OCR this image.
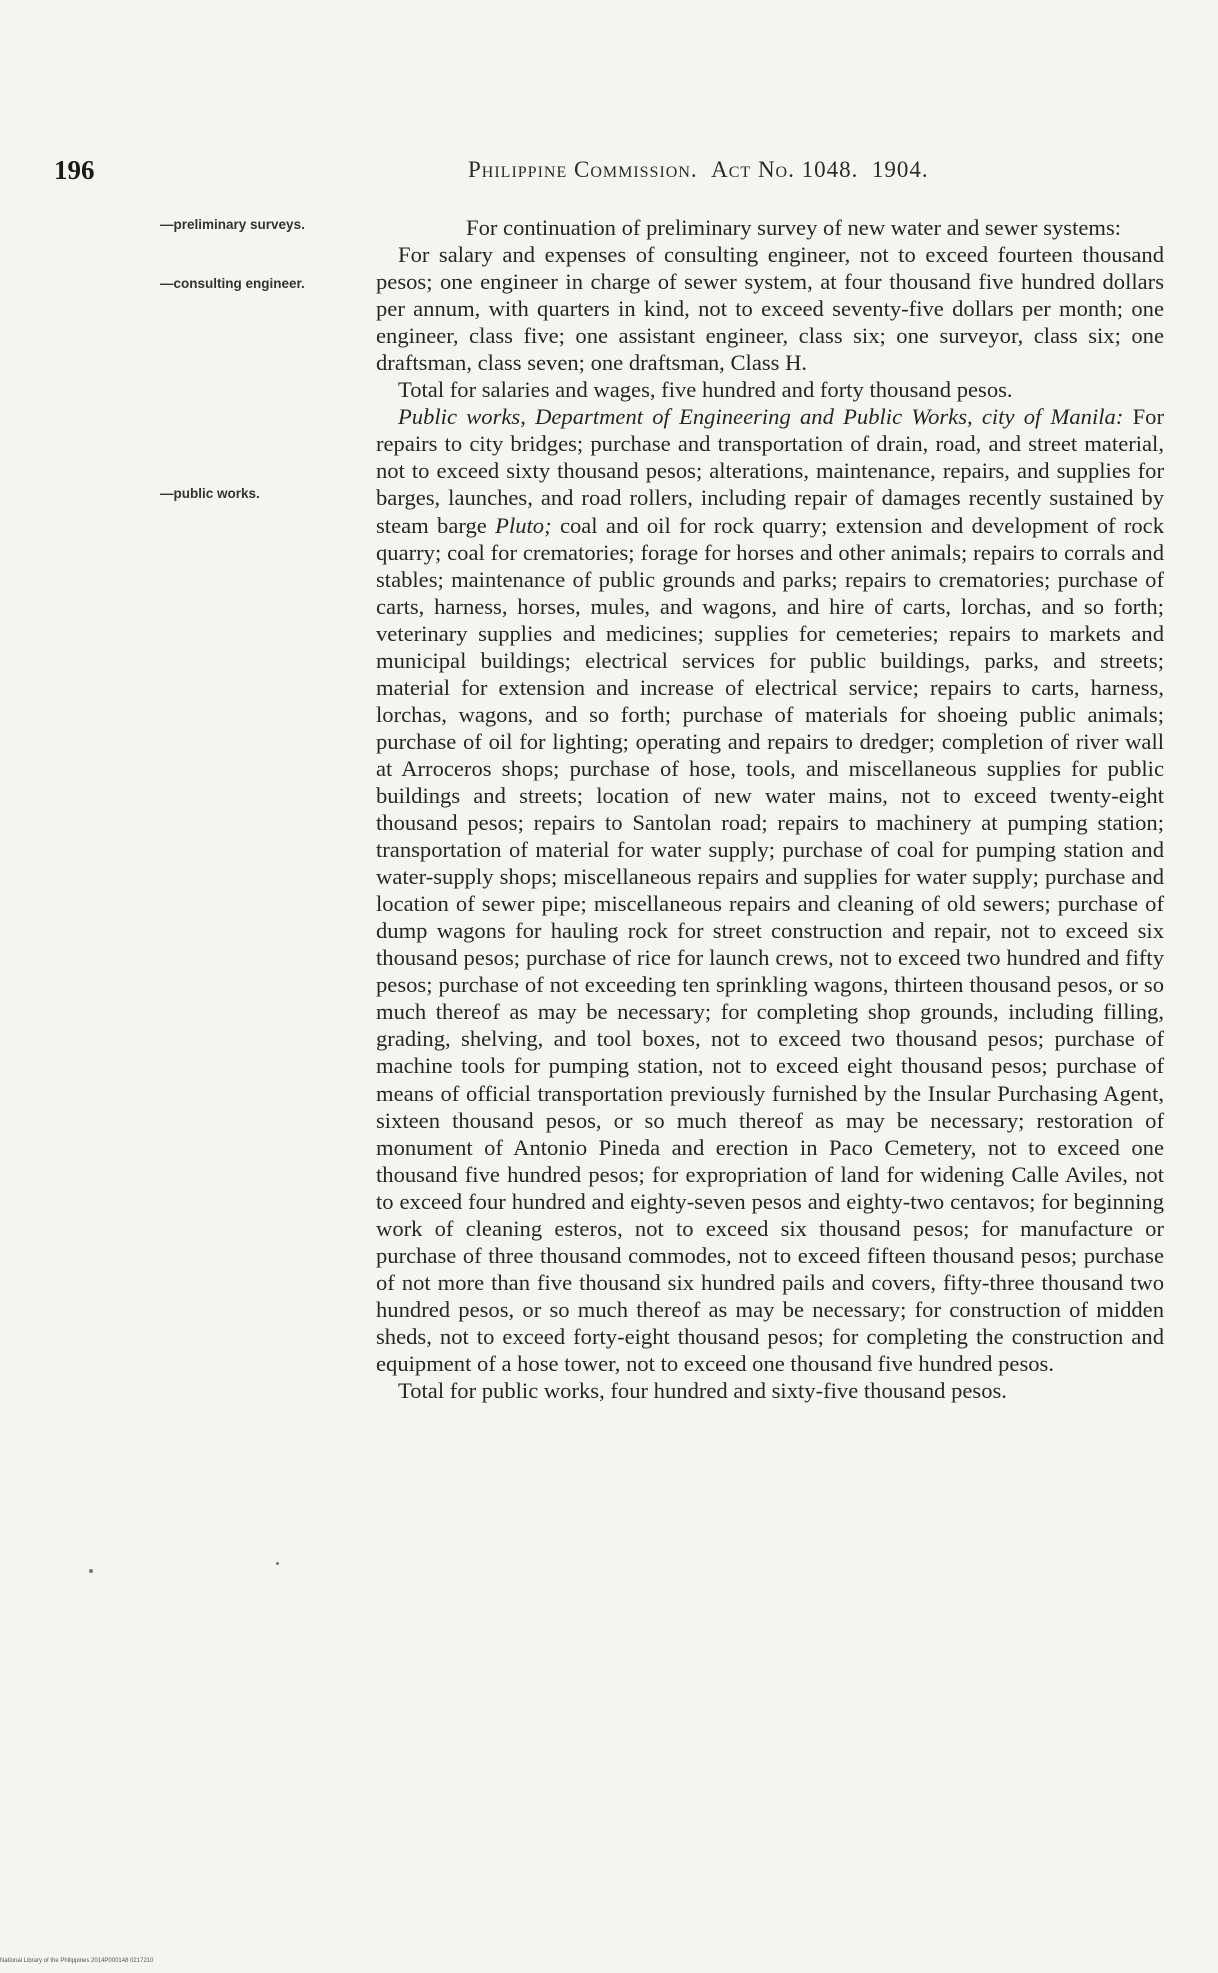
196	Philippine Commission. Act No. 1048. 1904.
—preliminary surveys.
—consulting engineer.
—public works.

For continuation of preliminary survey of new water and sewer systems:

For salary and expenses of consulting engineer, not to exceed fourteen thousand pesos; one engineer in charge of sewer system, at four thousand five hundred dollars per annum, with quarters in kind, not to exceed seventy-five dollars per month; one engineer, class five; one assistant engineer, class six; one surveyor, class six; one draftsman, class seven; one draftsman, Class H.

Total for salaries and wages, five hundred and forty thousand pesos.

Public works, Department of Engineering and Public Works, city of Manila: For repairs to city bridges; purchase and transportation of drain, road, and street material, not to exceed sixty thousand pesos; alterations, maintenance, repairs, and supplies for barges, launches, and road rollers, including repair of damages recently sustained by steam barge Pluto; coal and oil for rock quarry; extension and development of rock quarry; coal for crematories; forage for horses and other animals; repairs to corrals and stables; maintenance of public grounds and parks; repairs to crematories; purchase of carts, harness, horses, mules, and wagons, and hire of carts, lorchas, and so forth; veterinary supplies and medicines; supplies for cemeteries; repairs to markets and municipal buildings; electrical services for public buildings, parks, and streets; material for extension and increase of electrical service; repairs to carts, harness, lorchas, wagons, and so forth; purchase of materials for shoeing public animals; purchase of oil for lighting; operating and repairs to dredger; completion of river wall at Arroceros shops; purchase of hose, tools, and miscellaneous supplies for public buildings and streets; location of new water mains, not to exceed twenty-eight thousand pesos; repairs to Santolan road; repairs to machinery at pumping station; transportation of material for water supply; purchase of coal for pumping station and water-supply shops; miscellaneous repairs and supplies for water supply; purchase and location of sewer pipe; miscellaneous repairs and cleaning of old sewers; purchase of dump wagons for hauling rock for street construction and repair, not to exceed six thousand pesos; purchase of rice for launch crews, not to exceed two hundred and fifty pesos; purchase of not exceeding ten sprinkling wagons, thirteen thousand pesos, or so much thereof as may be necessary; for completing shop grounds, including filling, grading, shelving, and tool boxes, not to exceed two thousand pesos; purchase of machine tools for pumping station, not to exceed eight thousand pesos; purchase of means of official transportation previously furnished by the Insular Purchasing Agent, sixteen thousand pesos, or so much thereof as may be necessary; restoration of monument of Antonio Pineda and erection in Paco Cemetery, not to exceed one thousand five hundred pesos; for expropriation of land for widening Calle Aviles, not to exceed four hundred and eighty-seven pesos and eighty-two centavos; for beginning work of cleaning esteros, not to exceed six thousand pesos; for manufacture or purchase of three thousand commodes, not to exceed fifteen thousand pesos; purchase of not more than five thousand six hundred pails and covers, fifty-three thousand two hundred pesos, or so much thereof as may be necessary; for construction of midden sheds, not to exceed forty-eight thousand pesos; for completing the construction and equipment of a hose tower, not to exceed one thousand five hundred pesos.

Total for public works, four hundred and sixty-five thousand pesos.

National Library of the Philippines 2014P000148 0217210
